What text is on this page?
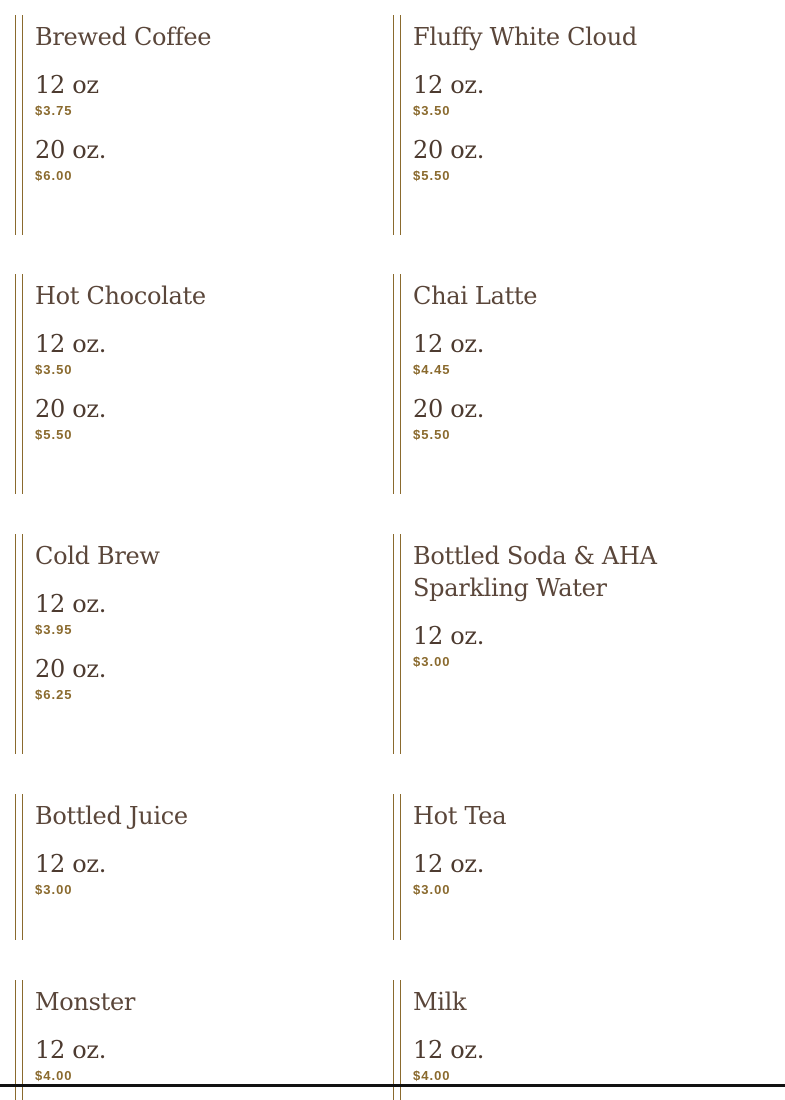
Brewed Coffee
12 oz
$3.75
20 oz.
$6.00
Fluffy White Cloud
12 oz.
$3.50
20 oz.
$5.50
Hot Chocolate
12 oz.
$3.50
20 oz.
$5.50
Chai Latte
12 oz.
$4.45
20 oz.
$5.50
Cold Brew
12 oz.
$3.95
20 oz.
$6.25
Bottled Soda & AHA Sparkling Water
12 oz.
$3.00
Bottled Juice
12 oz.
$3.00
Hot Tea
12 oz.
$3.00
Monster
12 oz.
$4.00
Milk
12 oz.
$4.00
